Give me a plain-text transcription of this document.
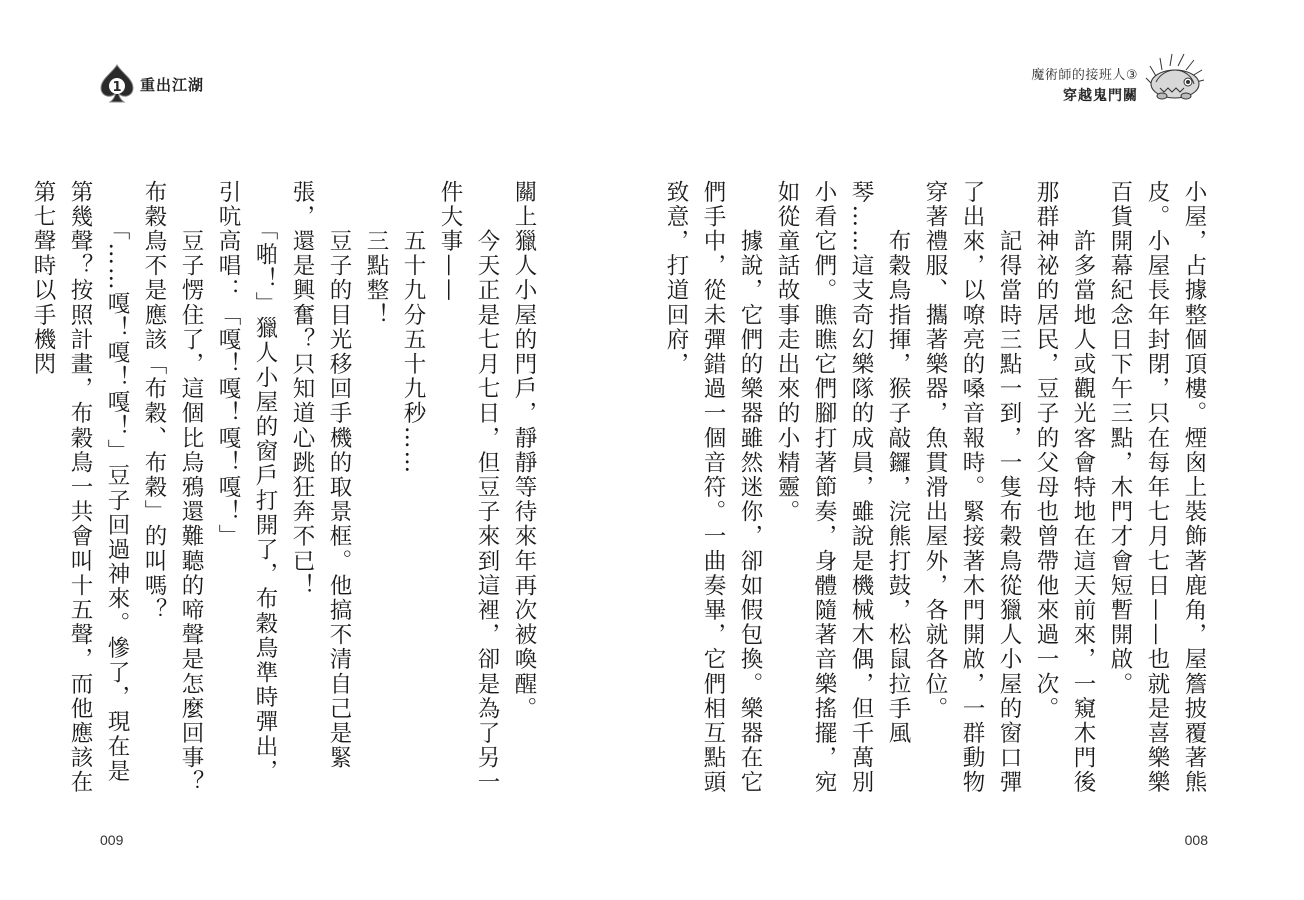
1 重出江湖

關上獵人小屋的門戶，靜靜等待來年再次被喚醒。

　　今天正是七月七日，但豆子來到這裡，卻是為了另一件大事——

　　五十九分五十九秒……

　　三點整！

　　豆子的目光移回手機的取景框。他搞不清自己是緊張，還是興奮？只知道心跳狂奔不已！

　　「啪！」獵人小屋的窗戶打開了，布穀鳥準時彈出，引吭高唱：「嘎！嘎！嘎！嘎！」

　　豆子愣住了，這個比烏鴉還難聽的啼聲是怎麼回事？布穀鳥不是應該「布穀、布穀」的叫嗎？

　　「……嘎！嘎！嘎！」豆子回過神來。慘了，現在是第幾聲？按照計畫，布穀鳥一共會叫十五聲，而他應該在第七聲時以手機閃

009
魔術師的接班人③
穿越鬼門關

小屋，占據整個頂樓。煙囪上裝飾著鹿角，屋簷披覆著熊皮。小屋長年封閉，只在每年七月七日——也就是喜樂樂百貨開幕紀念日下午三點，木門才會短暫開啟。

　　許多當地人或觀光客會特地在這天前來，一窺木門後那群神祕的居民，豆子的父母也曾帶他來過一次。

　　記得當時三點一到，一隻布穀鳥從獵人小屋的窗口彈了出來，以嘹亮的嗓音報時。緊接著木門開啟，一群動物穿著禮服、攜著樂器，魚貫滑出屋外，各就各位。

　　布穀鳥指揮，猴子敲鑼，浣熊打鼓，松鼠拉手風琴……這支奇幻樂隊的成員，雖說是機械木偶，但千萬別小看它們。瞧瞧它們腳打著節奏，身體隨著音樂搖擺，宛如從童話故事走出來的小精靈。

　　據說，它們的樂器雖然迷你，卻如假包換。樂器在它們手中，從未彈錯過一個音符。一曲奏畢，它們相互點頭致意，打道回府，

008
